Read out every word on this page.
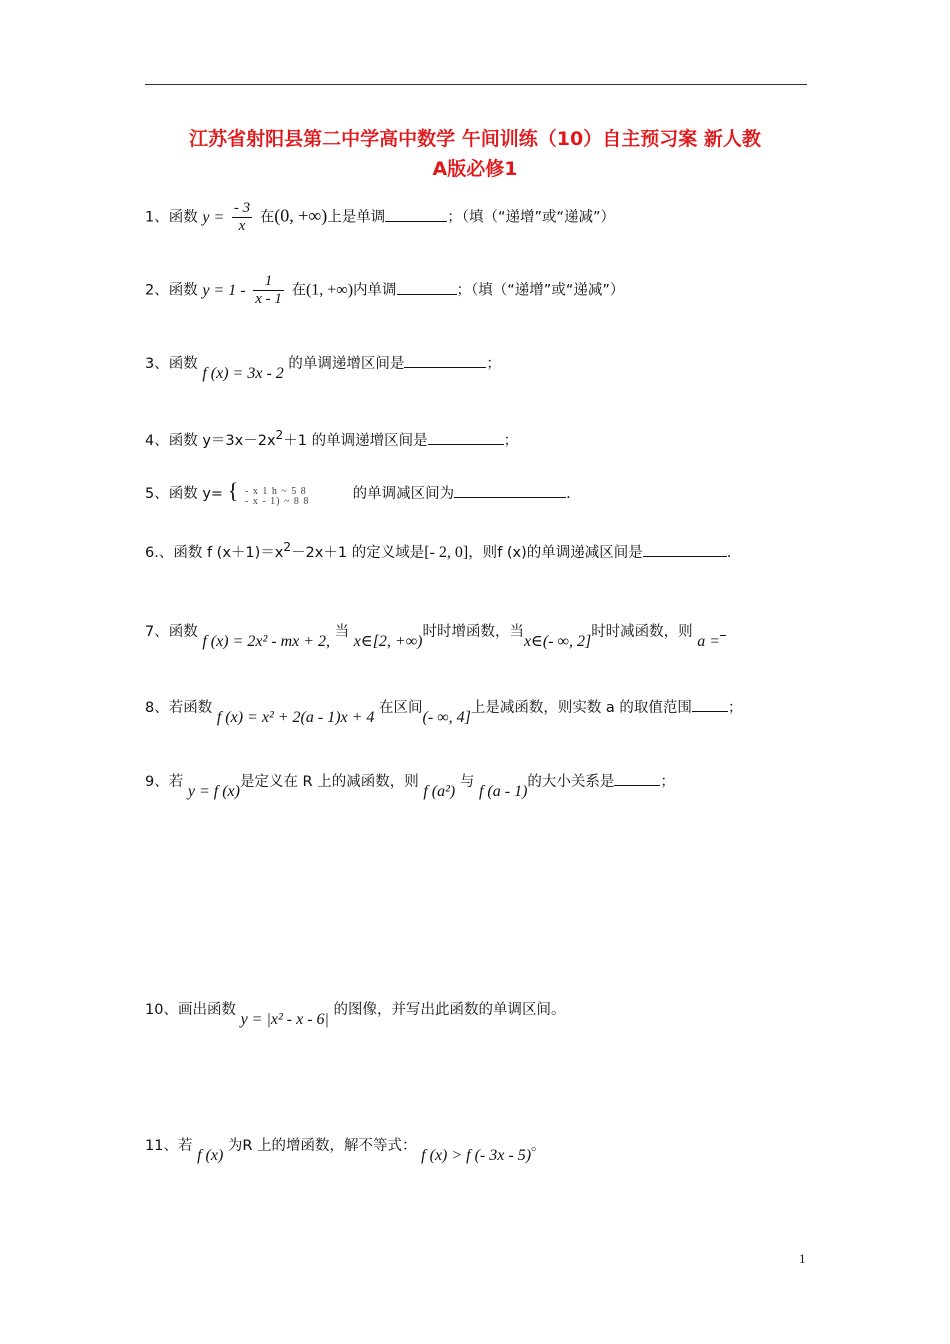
江苏省射阳县第二中学高中数学 午间训练（10）自主预习案 新人教
A版必修1
1、函数 $y = \frac{- 3}{x}$ 在(0, +∞)上是单调	；（填（“递增”或“递减”）
2、函数 $y = 1 - \frac{1}{x - 1}$ 在(1, +∞)内单调	；（填（“递增”或“递减”）
3、函数 f (x) = 3x - 2 的单调递增区间是	；
4、函数 $y=3x-2x^2+1$ 的单调递增区间是	；
5、函数 y= { - x 1 h ~ 5 8
- x - 1) ~ 8 8	的单调减区间为	.
6.、函数 f $(x+1)=x^2-2x+1$ 的定义域是[- 2, 0]，则f (x)的单调递减区间是	.
7、函数 f (x) = 2x² - mx + 2, 当 x∈[2, +∞)时时增函数，当x∈(- ∞, 2]时时减函数，则 a =
8、若函数 f (x) = x² + 2(a - 1)x + 4 在区间(- ∞, 4]上是减函数，则实数 a 的取值范围 ；
9、若 y = f (x)是定义在 R 上的减函数，则 f (a²) 与 f (a - 1)的大小关系是	；
10、画出函数 y = |x² - x - 6| 的图像，并写出此函数的单调区间。
11、若 f (x) 为R 上的增函数，解不等式： f (x) > f (- 3x - 5)。
1
